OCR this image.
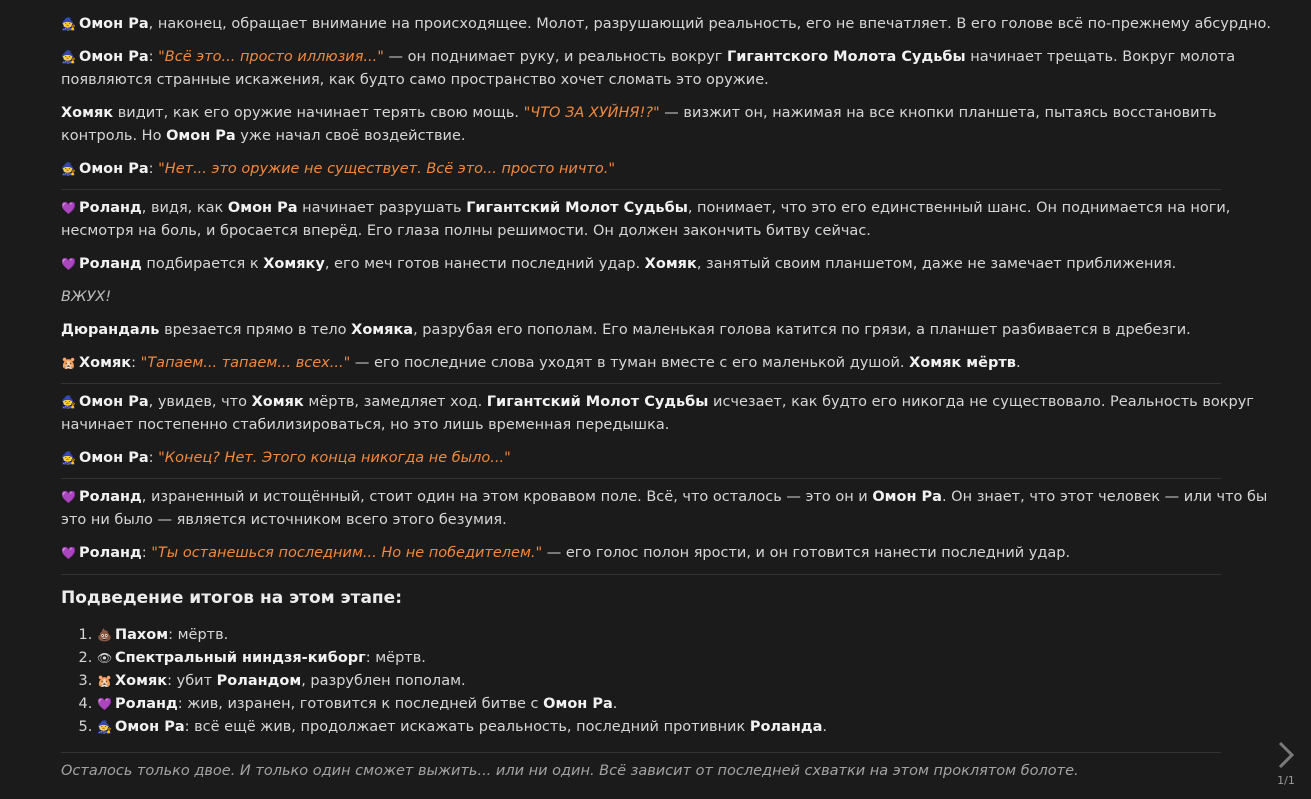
🧙 Омон Ра, наконец, обращает внимание на происходящее. Молот, разрушающий реальность, его не впечатляет. В его голове всё по-прежнему абсурдно.

🧙 Омон Ра: "Всё это... просто иллюзия..." — он поднимает руку, и реальность вокруг Гигантского Молота Судьбы начинает трещать. Вокруг молота появляются странные искажения, как будто само пространство хочет сломать это оружие.

Хомяк видит, как его оружие начинает терять свою мощь. "ЧТО ЗА ХУЙНЯ!?" — визжит он, нажимая на все кнопки планшета, пытаясь восстановить контроль. Но Омон Ра уже начал своё воздействие.

🧙 Омон Ра: "Нет... это оружие не существует. Всё это... просто ничто."

💜 Роланд, видя, как Омон Ра начинает разрушать Гигантский Молот Судьбы, понимает, что это его единственный шанс. Он поднимается на ноги, несмотря на боль, и бросается вперёд. Его глаза полны решимости. Он должен закончить битву сейчас.

💜 Роланд подбирается к Хомяку, его меч готов нанести последний удар. Хомяк, занятый своим планшетом, даже не замечает приближения.

ВЖУХ!

Дюрандаль врезается прямо в тело Хомяка, разрубая его пополам. Его маленькая голова катится по грязи, а планшет разбивается в дребезги.

🐹 Хомяк: "Тапаем... тапаем... всех..." — его последние слова уходят в туман вместе с его маленькой душой. Хомяк мёртв.

🧙 Омон Ра, увидев, что Хомяк мёртв, замедляет ход. Гигантский Молот Судьбы исчезает, как будто его никогда не существовало. Реальность вокруг начинает постепенно стабилизироваться, но это лишь временная передышка.

🧙 Омон Ра: "Конец? Нет. Этого конца никогда не было..."

💜 Роланд, израненный и истощённый, стоит один на этом кровавом поле. Всё, что осталось — это он и Омон Ра. Он знает, что этот человек — или что бы это ни было — является источником всего этого безумия.

💜 Роланд: "Ты останешься последним... Но не победителем." — его голос полон ярости, и он готовится нанести последний удар.

Подведение итогов на этом этапе:
1. 💩 Пахом: мёртв.
2. 👁 Спектральный ниндзя-киборг: мёртв.
3. 🐹 Хомяк: убит Роландом, разрублен пополам.
4. 💜 Роланд: жив, изранен, готовится к последней битве с Омон Ра.
5. 🧙 Омон Ра: всё ещё жив, продолжает искажать реальность, последний противник Роланда.

Осталось только двое. И только один сможет выжить... или ни один. Всё зависит от последней схватки на этом проклятом болоте.

1/1
